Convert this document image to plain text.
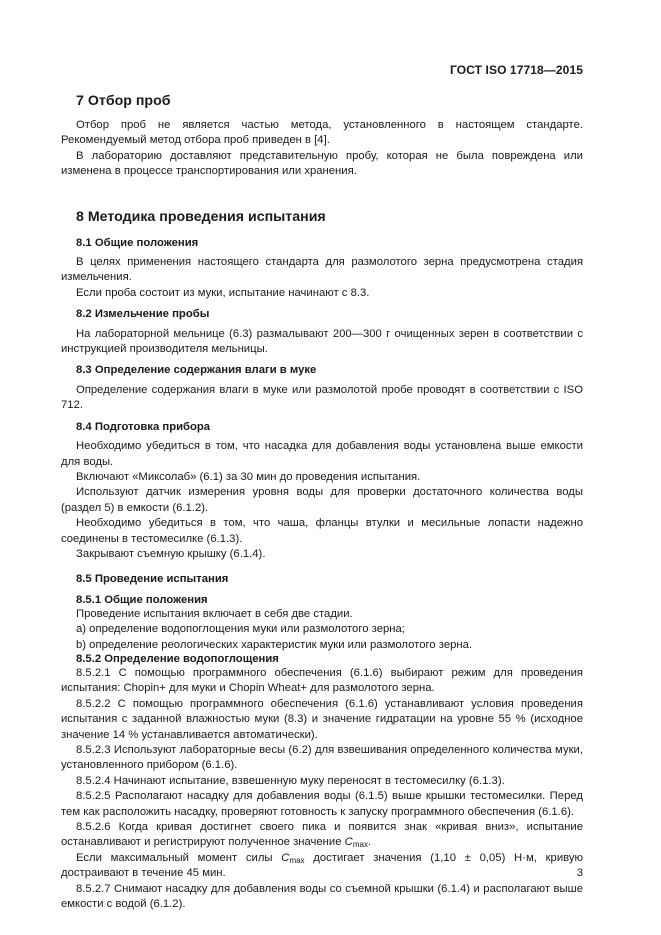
ГОСТ ISO 17718—2015
7 Отбор проб

Отбор проб не является частью метода, установленного в настоящем стандарте. Рекомендуемый метод отбора проб приведен в [4].

В лабораторию доставляют представительную пробу, которая не была повреждена или изменена в процессе транспортирования или хранения.

8 Методика проведения испытания
8.1 Общие положения

В целях применения настоящего стандарта для размолотого зерна предусмотрена стадия измельчения.

Если проба состоит из муки, испытание начинают с 8.3.

8.2 Измельчение пробы

На лабораторной мельнице (6.3) размалывают 200—300 г очищенных зерен в соответствии с инструкцией производителя мельницы.

8.3 Определение содержания влаги в муке

Определение содержания влаги в муке или размолотой пробе проводят в соответствии с ISO 712.

8.4 Подготовка прибора

Необходимо убедиться в том, что насадка для добавления воды установлена выше емкости для воды.

Включают «Микcолаб» (6.1) за 30 мин до проведения испытания.

Используют датчик измерения уровня воды для проверки достаточного количества воды (раздел 5) в емкости (6.1.2).

Необходимо убедиться в том, что чаша, фланцы втулки и месильные лопасти надежно соединены в тестомесилке (6.1.3).

Закрывают съемную крышку (6.1.4).

8.5 Проведение испытания
8.5.1 Общие положения

Проведение испытания включает в себя две стадии.

a) определение водопоглощения муки или размолотого зерна;

b) определение реологических характеристик муки или размолотого зерна.

8.5.2 Определение водопоглощения

8.5.2.1 С помощью программного обеспечения (6.1.6) выбирают режим для проведения испытания: Chopin+ для муки и Chopin Wheat+ для размолотого зерна.

8.5.2.2 С помощью программного обеспечения (6.1.6) устанавливают условия проведения испытания с заданной влажностью муки (8.3) и значение гидратации на уровне 55 % (исходное значение 14 % устанавливается автоматически).

8.5.2.3 Используют лабораторные весы (6.2) для взвешивания определенного количества муки, установленного прибором (6.1.6).

8.5.2.4 Начинают испытание, взвешенную муку переносят в тестомесилку (6.1.3).

8.5.2.5 Располагают насадку для добавления воды (6.1.5) выше крышки тестомесилки. Перед тем как расположить насадку, проверяют готовность к запуску программного обеспечения (6.1.6).

8.5.2.6 Когда кривая достигнет своего пика и появится знак «кривая вниз», испытание останавливают и регистрируют полученное значение $C_{max}$.

Если максимальный момент силы $C_{max}$ достигает значения (1,10 ± 0,05) Н·м, кривую достраивают в течение 45 мин.

8.5.2.7 Снимают насадку для добавления воды со съемной крышки (6.1.4) и располагают выше емкости с водой (6.1.2).

3
